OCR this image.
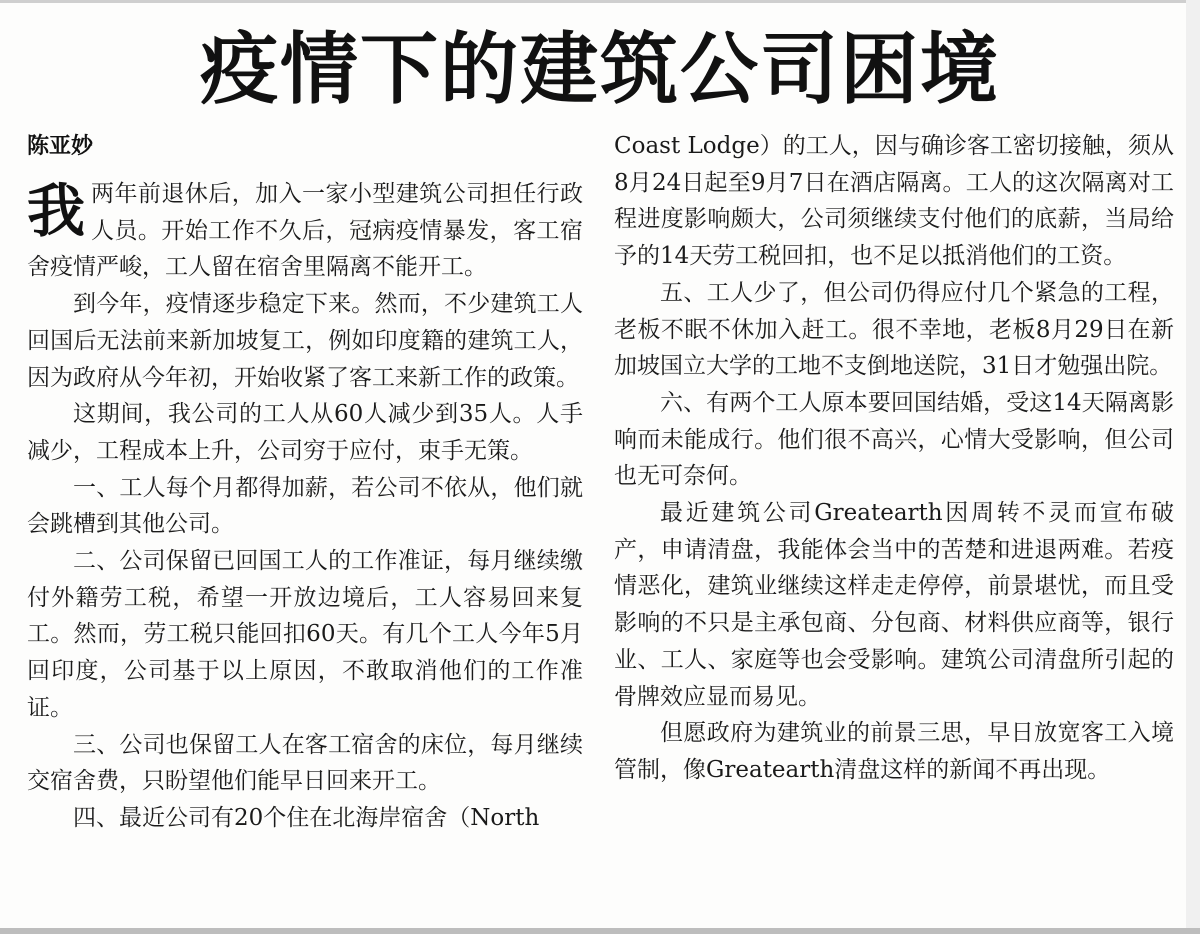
疫情下的建筑公司困境
陈亚妙

我两年前退休后，加入一家小型建筑公司担任行政人员。开始工作不久后，冠病疫情暴发，客工宿舍疫情严峻，工人留在宿舍里隔离不能开工。

到今年，疫情逐步稳定下来。然而，不少建筑工人回国后无法前来新加坡复工，例如印度籍的建筑工人，因为政府从今年初，开始收紧了客工来新工作的政策。

这期间，我公司的工人从60人减少到35人。人手减少，工程成本上升，公司穷于应付，束手无策。

一、工人每个月都得加薪，若公司不依从，他们就会跳槽到其他公司。

二、公司保留已回国工人的工作准证，每月继续缴付外籍劳工税，希望一开放边境后，工人容易回来复工。然而，劳工税只能回扣60天。有几个工人今年5月回印度，公司基于以上原因，不敢取消他们的工作准证。

三、公司也保留工人在客工宿舍的床位，每月继续交宿舍费，只盼望他们能早日回来开工。

四、最近公司有20个住在北海岸宿舍（North

Coast Lodge）的工人，因与确诊客工密切接触，须从8月24日起至9月7日在酒店隔离。工人的这次隔离对工程进度影响颇大，公司须继续支付他们的底薪，当局给予的14天劳工税回扣，也不足以抵消他们的工资。

五、工人少了，但公司仍得应付几个紧急的工程，老板不眠不休加入赶工。很不幸地，老板8月29日在新加坡国立大学的工地不支倒地送院，31日才勉强出院。

六、有两个工人原本要回国结婚，受这14天隔离影响而未能成行。他们很不高兴，心情大受影响，但公司也无可奈何。

最近建筑公司Greatearth因周转不灵而宣布破产，申请清盘，我能体会当中的苦楚和进退两难。若疫情恶化，建筑业继续这样走走停停，前景堪忧，而且受影响的不只是主承包商、分包商、材料供应商等，银行业、工人、家庭等也会受影响。建筑公司清盘所引起的骨牌效应显而易见。

但愿政府为建筑业的前景三思，早日放宽客工入境管制，像Greatearth清盘这样的新闻不再出现。
